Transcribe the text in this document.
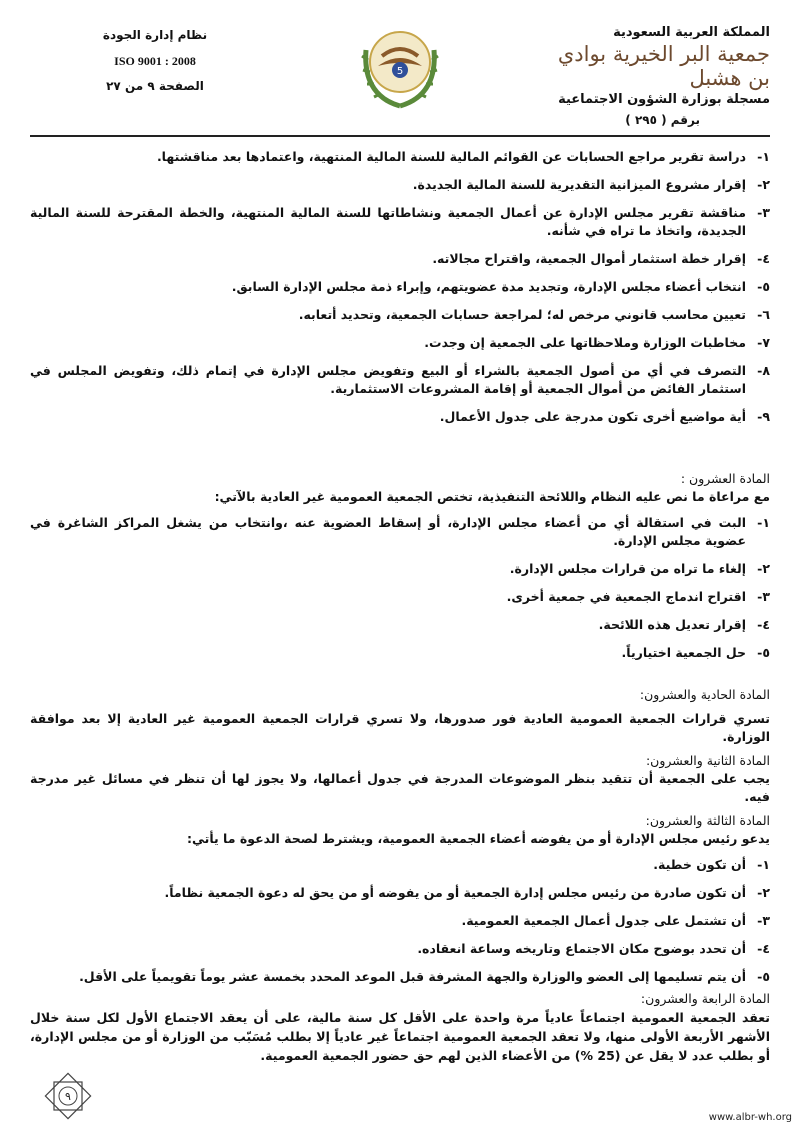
المملكة العربية السعودية
جمعية البر الخيرية بوادي بن هشبل
مسجلة بوزارة الشؤون الاجتماعية
برقم ( ٢٩٥ )
5
نظام إدارة الجودة
ISO 9001 : 2008
الصفحة ٩ من ٢٧
١-
دراسة تقرير مراجع الحسابات عن القوائم المالية للسنة المالية المنتهية، واعتمادها بعد مناقشتها.
٢-
إقرار مشروع الميزانية التقديرية للسنة المالية الجديدة.
٣-
مناقشة تقرير مجلس الإدارة عن أعمال الجمعية ونشاطاتها للسنة المالية المنتهية، والخطة المقترحة للسنة المالية الجديدة، واتخاذ ما تراه في شأنه.
٤-
إقرار خطة استثمار أموال الجمعية، واقتراح مجالاته.
٥-
انتخاب أعضاء مجلس الإدارة، وتجديد مدة عضويتهم، وإبراء ذمة مجلس الإدارة السابق.
٦-
تعيين محاسب قانوني مرخص له؛ لمراجعة حسابات الجمعية، وتحديد أتعابه.
٧-
مخاطبات الوزارة وملاحظاتها على الجمعية إن وجدت.
٨-
التصرف في أي من أصول الجمعية بالشراء أو البيع وتفويض مجلس الإدارة في إتمام ذلك، وتفويض المجلس في استثمار الفائض من أموال الجمعية أو إقامة المشروعات الاستثمارية.
٩-
أية مواضيع أخرى تكون مدرجة على جدول الأعمال.
المادة العشرون :
مع مراعاة ما نص عليه النظام واللائحة التنفيذية، تختص الجمعية العمومية غير العادية بالآتي:
١-
البت في استقالة أي من أعضاء مجلس الإدارة، أو إسقاط العضوية عنه ،وانتخاب من يشغل المراكز الشاغرة في عضوية مجلس الإدارة.
٢-
إلغاء ما تراه من قرارات مجلس الإدارة.
٣-
اقتراح اندماج الجمعية في جمعية أخرى.
٤-
إقرار تعديل هذه اللائحة.
٥-
حل الجمعية اختيارياً.
المادة الحادية والعشرون:
تسري قرارات الجمعية العمومية العادية فور صدورها، ولا تسري قرارات الجمعية العمومية غير العادية إلا بعد موافقة الوزارة.
المادة الثانية والعشرون:
يجب على الجمعية أن تتقيد بنظر الموضوعات المدرجة في جدول أعمالها، ولا يجوز لها أن تنظر في مسائل غير مدرجة فيه.
المادة الثالثة والعشرون:
يدعو رئيس مجلس الإدارة أو من يفوضه أعضاء الجمعية العمومية، ويشترط لصحة الدعوة ما يأتي:
١-
أن تكون خطية.
٢-
أن تكون صادرة من رئيس مجلس إدارة الجمعية أو من يفوضه أو من يحق له دعوة الجمعية نظاماً.
٣-
أن تشتمل على جدول أعمال الجمعية العمومية.
٤-
أن تحدد بوضوح مكان الاجتماع وتاريخه وساعة انعقاده.
٥-
أن يتم تسليمها إلى العضو والوزارة والجهة المشرفة قبل الموعد المحدد بخمسة عشر يوماً تقويمياً على الأقل.
المادة الرابعة والعشرون:
تعقد الجمعية العمومية اجتماعاً عادياً مرة واحدة على الأقل كل سنة مالية، على أن يعقد الاجتماع الأول لكل سنة خلال الأشهر الأربعة الأولى منها، ولا تعقد الجمعية العمومية اجتماعاً غير عادياً إلا بطلب مُسَبّب من الوزارة أو من مجلس الإدارة، أو بطلب عدد لا يقل عن (25 %) من الأعضاء الذين لهم حق حضور الجمعية العمومية.
٩
www.albr-wh.org
